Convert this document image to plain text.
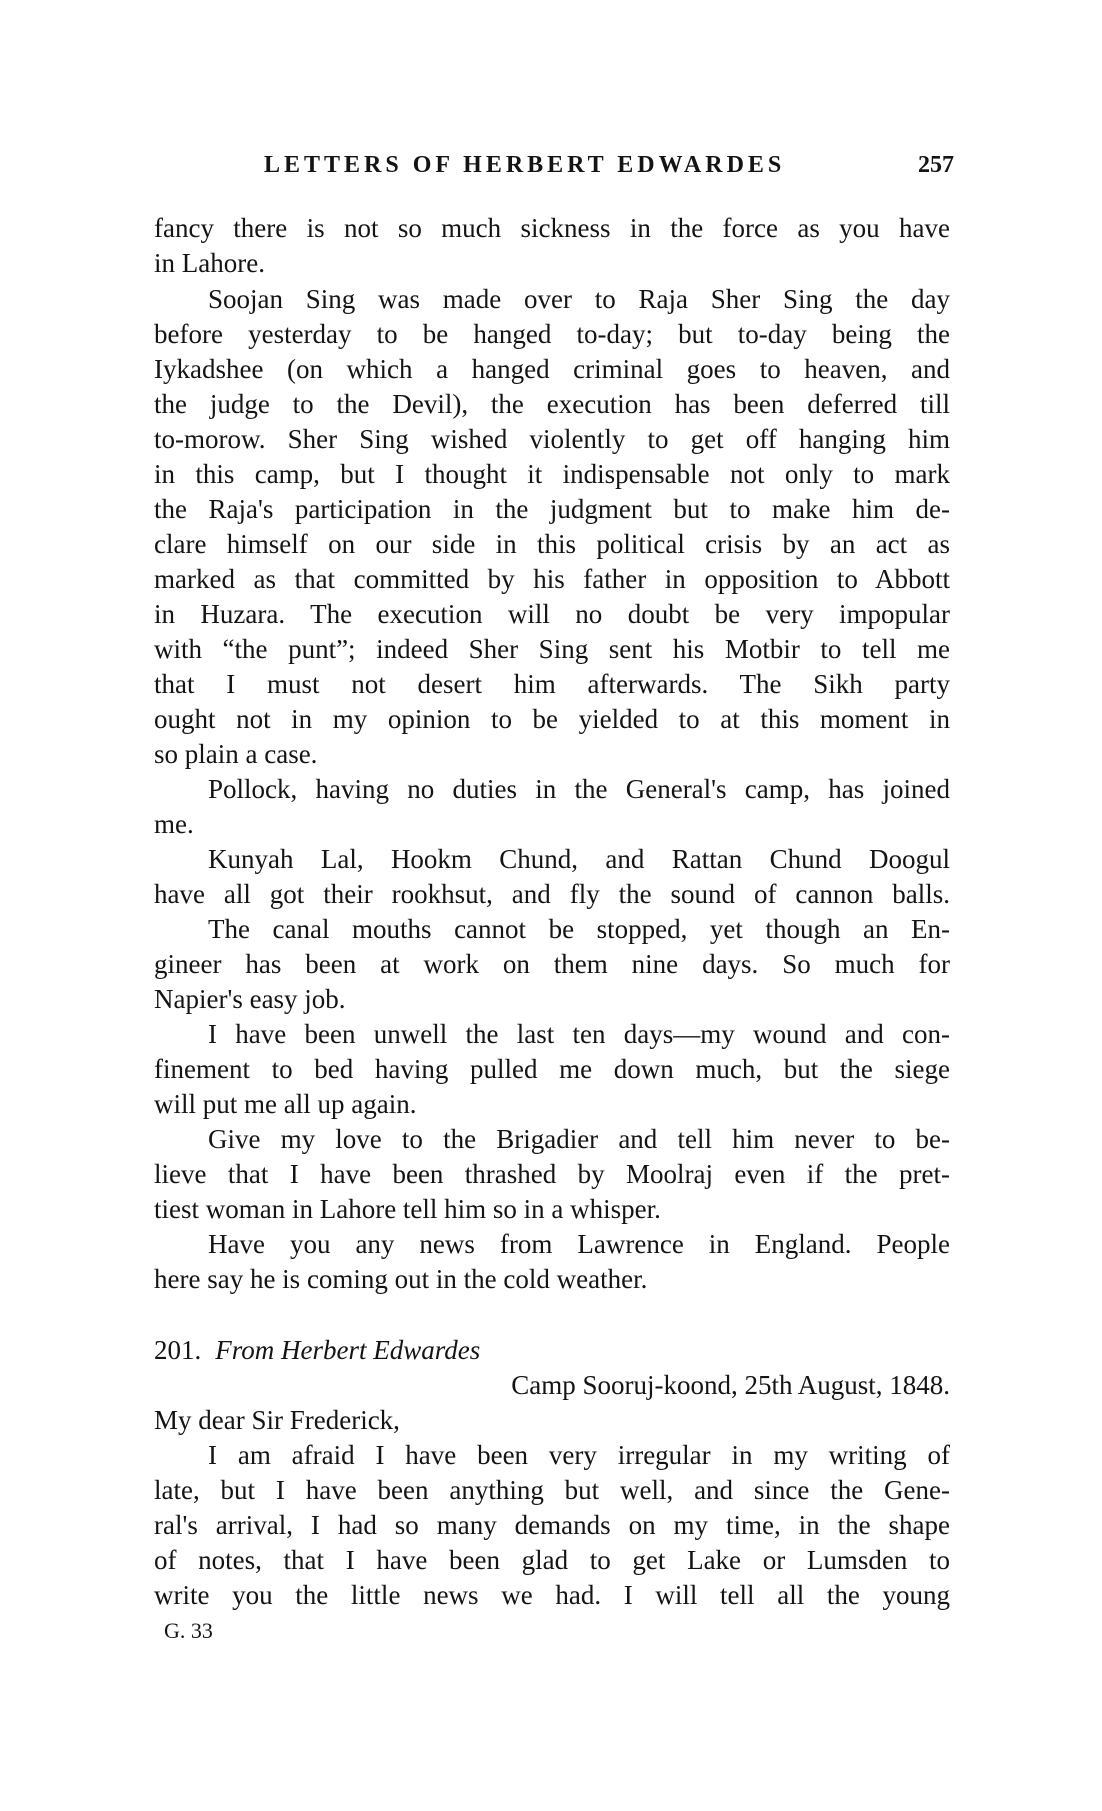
LETTERS OF HERBERT EDWARDES	257
fancy there is not so much sickness in the force as you have
in Lahore.
Soojan Sing was made over to Raja Sher Sing the day
before yesterday to be hanged to-day; but to-day being the
Iykadshee (on which a hanged criminal goes to heaven, and
the judge to the Devil), the execution has been deferred till
to-morow. Sher Sing wished violently to get off hanging him
in this camp, but I thought it indispensable not only to mark
the Raja's participation in the judgment but to make him de-
clare himself on our side in this political crisis by an act as
marked as that committed by his father in opposition to Abbott
in Huzara. The execution will no doubt be very impopular
with “the punt”; indeed Sher Sing sent his Motbir to tell me
that I must not desert him afterwards. The Sikh party
ought not in my opinion to be yielded to at this moment in
so plain a case.
Pollock, having no duties in the General's camp, has joined
me.
Kunyah Lal, Hookm Chund, and Rattan Chund Doogul
have all got their rookhsut, and fly the sound of cannon balls.
The canal mouths cannot be stopped, yet though an En-
gineer has been at work on them nine days. So much for
Napier's easy job.
I have been unwell the last ten days—my wound and con-
finement to bed having pulled me down much, but the siege
will put me all up again.
Give my love to the Brigadier and tell him never to be-
lieve that I have been thrashed by Moolraj even if the pret-
tiest woman in Lahore tell him so in a whisper.
Have you any news from Lawrence in England. People
here say he is coming out in the cold weather.
201. From Herbert Edwardes
Camp Sooruj-koond, 25th August, 1848.
My dear Sir Frederick,
I am afraid I have been very irregular in my writing of
late, but I have been anything but well, and since the Gene-
ral's arrival, I had so many demands on my time, in the shape
of notes, that I have been glad to get Lake or Lumsden to
write you the little news we had. I will tell all the young
G. 33
